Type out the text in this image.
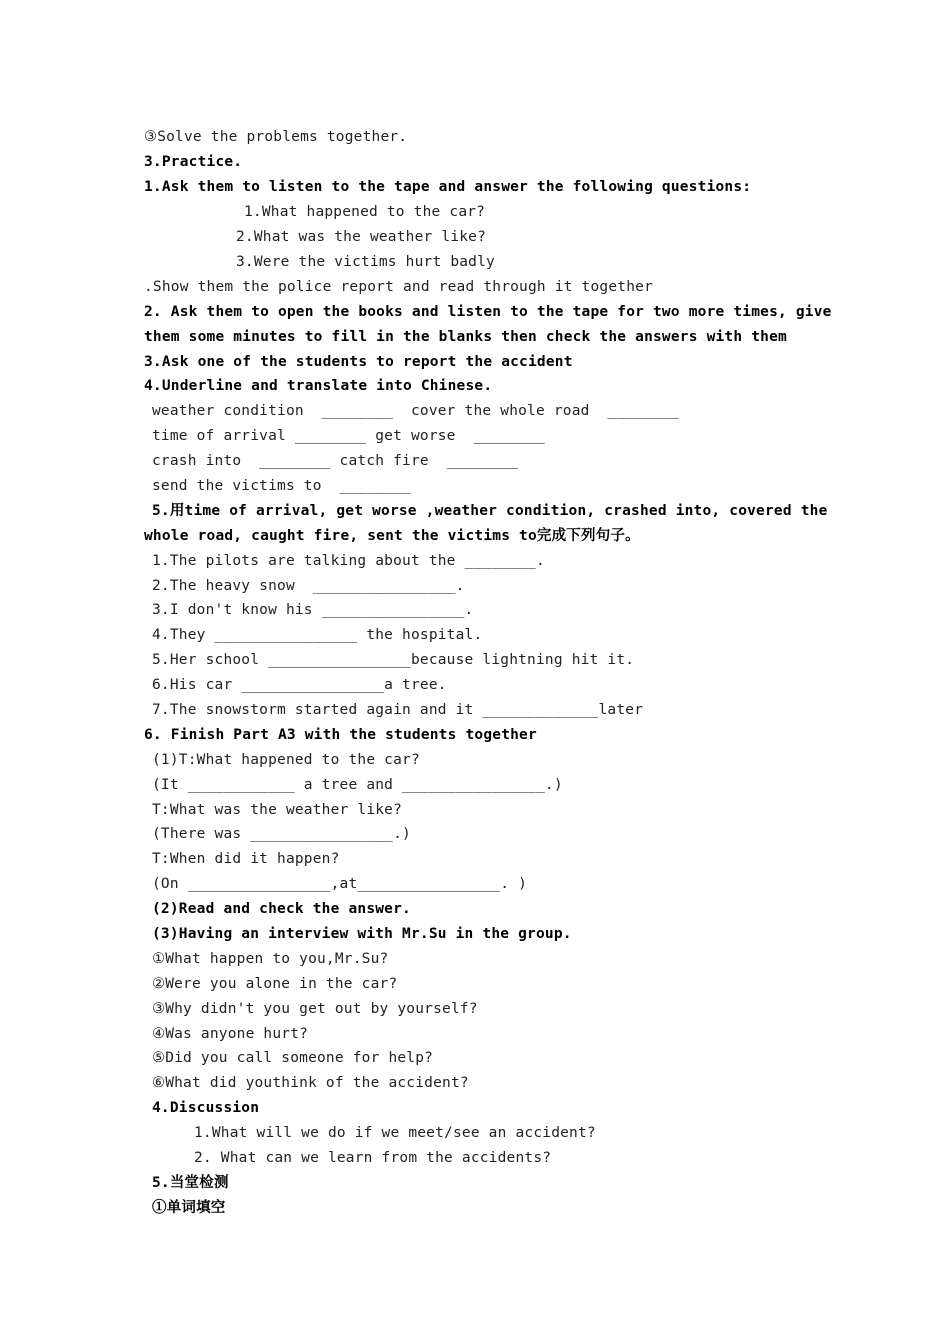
③Solve the problems together.
3.Practice.
1.Ask them to listen to the tape and answer the following questions:
1.What happened to the car?
2.What was the weather like?
3.Were the victims hurt badly
.Show them the police report and read through it together
2. Ask them to open the books and listen to the tape for two more times, give
them some minutes to fill in the blanks then check the answers with them
3.Ask one of the students to report the accident
4.Underline and translate into Chinese.
weather condition  ________  cover the whole road  ________
time of arrival ________ get worse  ________
crash into  ________ catch fire  ________
send the victims to  ________
5.用time of arrival, get worse ,weather condition, crashed into, covered the
whole road, caught fire, sent the victims to完成下列句子。
1.The pilots are talking about the ________.
2.The heavy snow  ________________.
3.I don't know his ________________.
4.They ________________ the hospital.
5.Her school ________________because lightning hit it.
6.His car ________________a tree.
7.The snowstorm started again and it _____________later
6. Finish Part A3 with the students together
(1)T:What happened to the car?
(It ____________ a tree and ________________.)
T:What was the weather like?
(There was ________________.)
T:When did it happen?
(On ________________,at________________. )
(2)Read and check the answer.
(3)Having an interview with Mr.Su in the group.
①What happen to you,Mr.Su?
②Were you alone in the car?
③Why didn't you get out by yourself?
④Was anyone hurt?
⑤Did you call someone for help?
⑥What did youthink of the accident?
4.Discussion
1.What will we do if we meet/see an accident?
2. What can we learn from the accidents?
5.当堂检测
①单词填空
